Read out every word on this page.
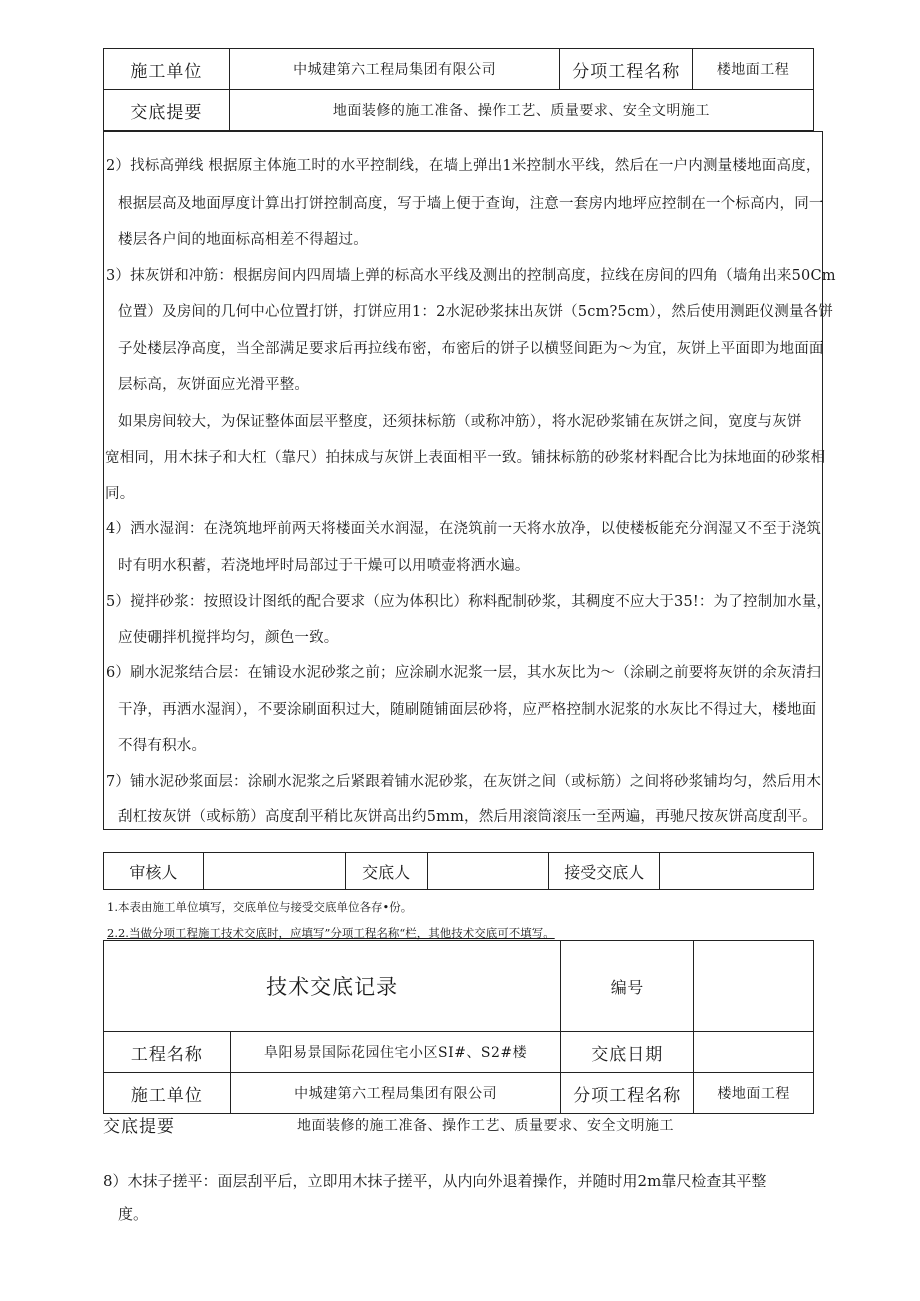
施工单位	中城建第六工程局集团有限公司	分项工程名称	楼地面工程
交底提要	地面装修的施工准备、操作工艺、质量要求、安全文明施工		
2）找标高弹线 根据原主体施工时的水平控制线，在墙上弹出1米控制水平线，然后在一户内测量楼地面高度，
根据层高及地面厚度计算出打饼控制高度，写于墙上便于查询，注意一套房内地坪应控制在一个标高内，同一
楼层各户间的地面标高相差不得超过。
3）抹灰饼和冲筋：根据房间内四周墙上弹的标高水平线及测出的控制高度，拉线在房间的四角（墙角出来50Cm
位置）及房间的几何中心位置打饼，打饼应用1：2水泥砂浆抹出灰饼（5cm?5cm），然后使用测距仪测量各饼
子处楼层净高度，当全部满足要求后再拉线布密，布密后的饼子以横竖间距为～为宜，灰饼上平面即为地面面
层标高，灰饼面应光滑平整。
如果房间较大，为保证整体面层平整度，还须抹标筋（或称冲筋），将水泥砂浆铺在灰饼之间，宽度与灰饼
宽相同，用木抹子和大杠（靠尺）拍抹成与灰饼上表面相平一致。铺抹标筋的砂浆材料配合比为抹地面的砂浆相
同。
4）洒水湿润：在浇筑地坪前两天将楼面关水润湿，在浇筑前一天将水放净，以使楼板能充分润湿又不至于浇筑
时有明水积蓄，若浇地坪时局部过于干燥可以用喷壶将洒水遍。
5）搅拌砂浆：按照设计图纸的配合要求（应为体积比）称料配制砂浆，其稠度不应大于35!：为了控制加水量，
应使硼拌机搅拌均匀，颜色一致。
6）刷水泥浆结合层：在铺设水泥砂浆之前；应涂刷水泥浆一层，其水灰比为～（涂刷之前要将灰饼的余灰清扫
干净，再洒水湿润），不要涂刷面积过大，随刷随铺面层砂将，应严格控制水泥浆的水灰比不得过大，楼地面
不得有积水。
7）铺水泥砂浆面层：涂刷水泥浆之后紧跟着铺水泥砂浆，在灰饼之间（或标筋）之间将砂浆铺均匀，然后用木
刮杠按灰饼（或标筋）高度刮平稍比灰饼高出约5mm，然后用滚筒滚压一至两遍，再驰尺按灰饼高度刮平。
审核人		交底人		接受交底人	
1.本表由施工单位填写，交底单位与接受交底单位各存•份。
2.2.当做分项工程施工技术交底时，应填写”分项工程名称“栏，其他技术交底可不填写。
技术交底记录		编号	
工程名称	阜阳易景国际花园住宅小区SI#、S2#楼	交底日期	
施工单位	中城建第六工程局集团有限公司	分项工程名称	楼地面工程
交底提要	地面装修的施工准备、操作工艺、质量要求、安全文明施工
8）木抹子搓平：面层刮平后，立即用木抹子搓平，从内向外退着操作，并随时用2m靠尺检查其平整
度。
